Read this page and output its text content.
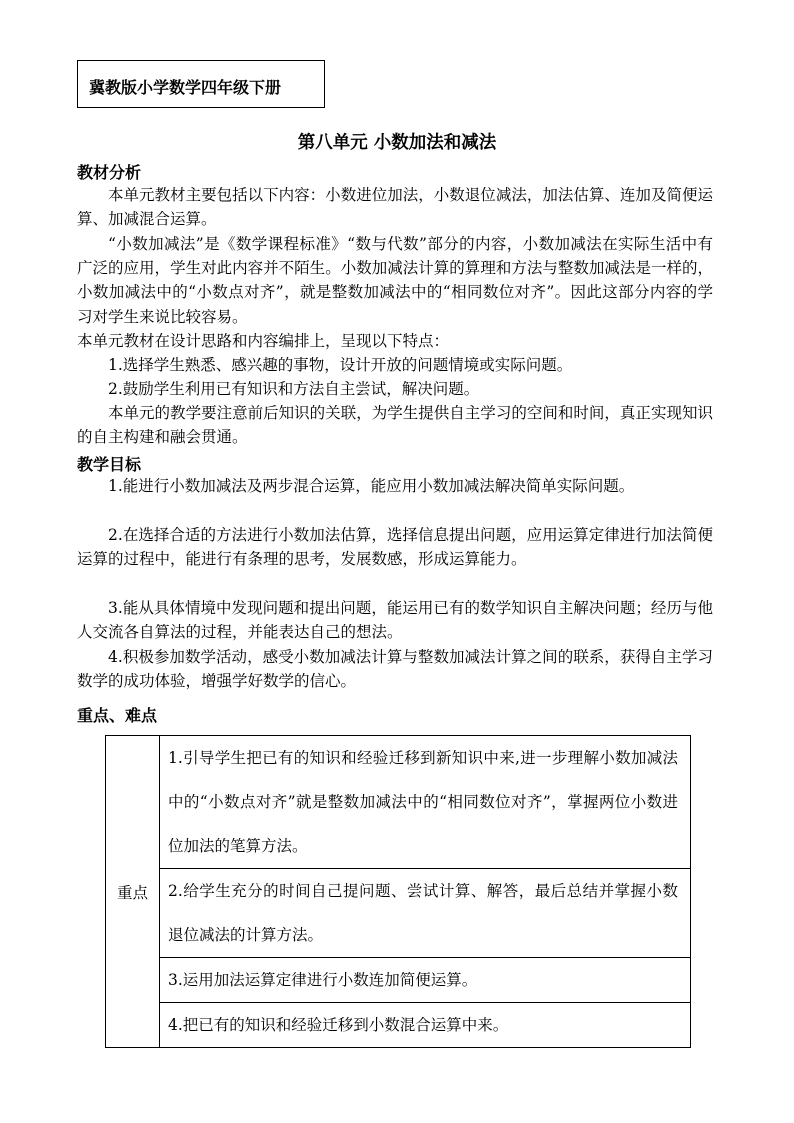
冀教版小学数学四年级下册
第八单元 小数加法和减法
教材分析
本单元教材主要包括以下内容：小数进位加法，小数退位减法，加法估算、连加及简便运算、加减混合运算。
“小数加减法”是《数学课程标准》“数与代数”部分的内容，小数加减法在实际生活中有广泛的应用，学生对此内容并不陌生。小数加减法计算的算理和方法与整数加减法是一样的，小数加减法中的“小数点对齐”，就是整数加减法中的“相同数位对齐”。因此这部分内容的学习对学生来说比较容易。
本单元教材在设计思路和内容编排上，呈现以下特点：
1.选择学生熟悉、感兴趣的事物，设计开放的问题情境或实际问题。
2.鼓励学生利用已有知识和方法自主尝试，解决问题。
本单元的教学要注意前后知识的关联，为学生提供自主学习的空间和时间，真正实现知识的自主构建和融会贯通。
教学目标
1.能进行小数加减法及两步混合运算，能应用小数加减法解决简单实际问题。
2.在选择合适的方法进行小数加法估算，选择信息提出问题，应用运算定律进行加法简便运算的过程中，能进行有条理的思考，发展数感，形成运算能力。
3.能从具体情境中发现问题和提出问题，能运用已有的数学知识自主解决问题；经历与他人交流各自算法的过程，并能表达自己的想法。
4.积极参加数学活动，感受小数加减法计算与整数加减法计算之间的联系，获得自主学习数学的成功体验，增强学好数学的信心。
重点、难点
重点	1.引导学生把已有的知识和经验迁移到新知识中来,进一步理解小数加减法中的“小数点对齐”就是整数加减法中的“相同数位对齐”，掌握两位小数进位加法的笔算方法。
2.给学生充分的时间自己提问题、尝试计算、解答，最后总结并掌握小数退位减法的计算方法。
3.运用加法运算定律进行小数连加简便运算。
4.把已有的知识和经验迁移到小数混合运算中来。
